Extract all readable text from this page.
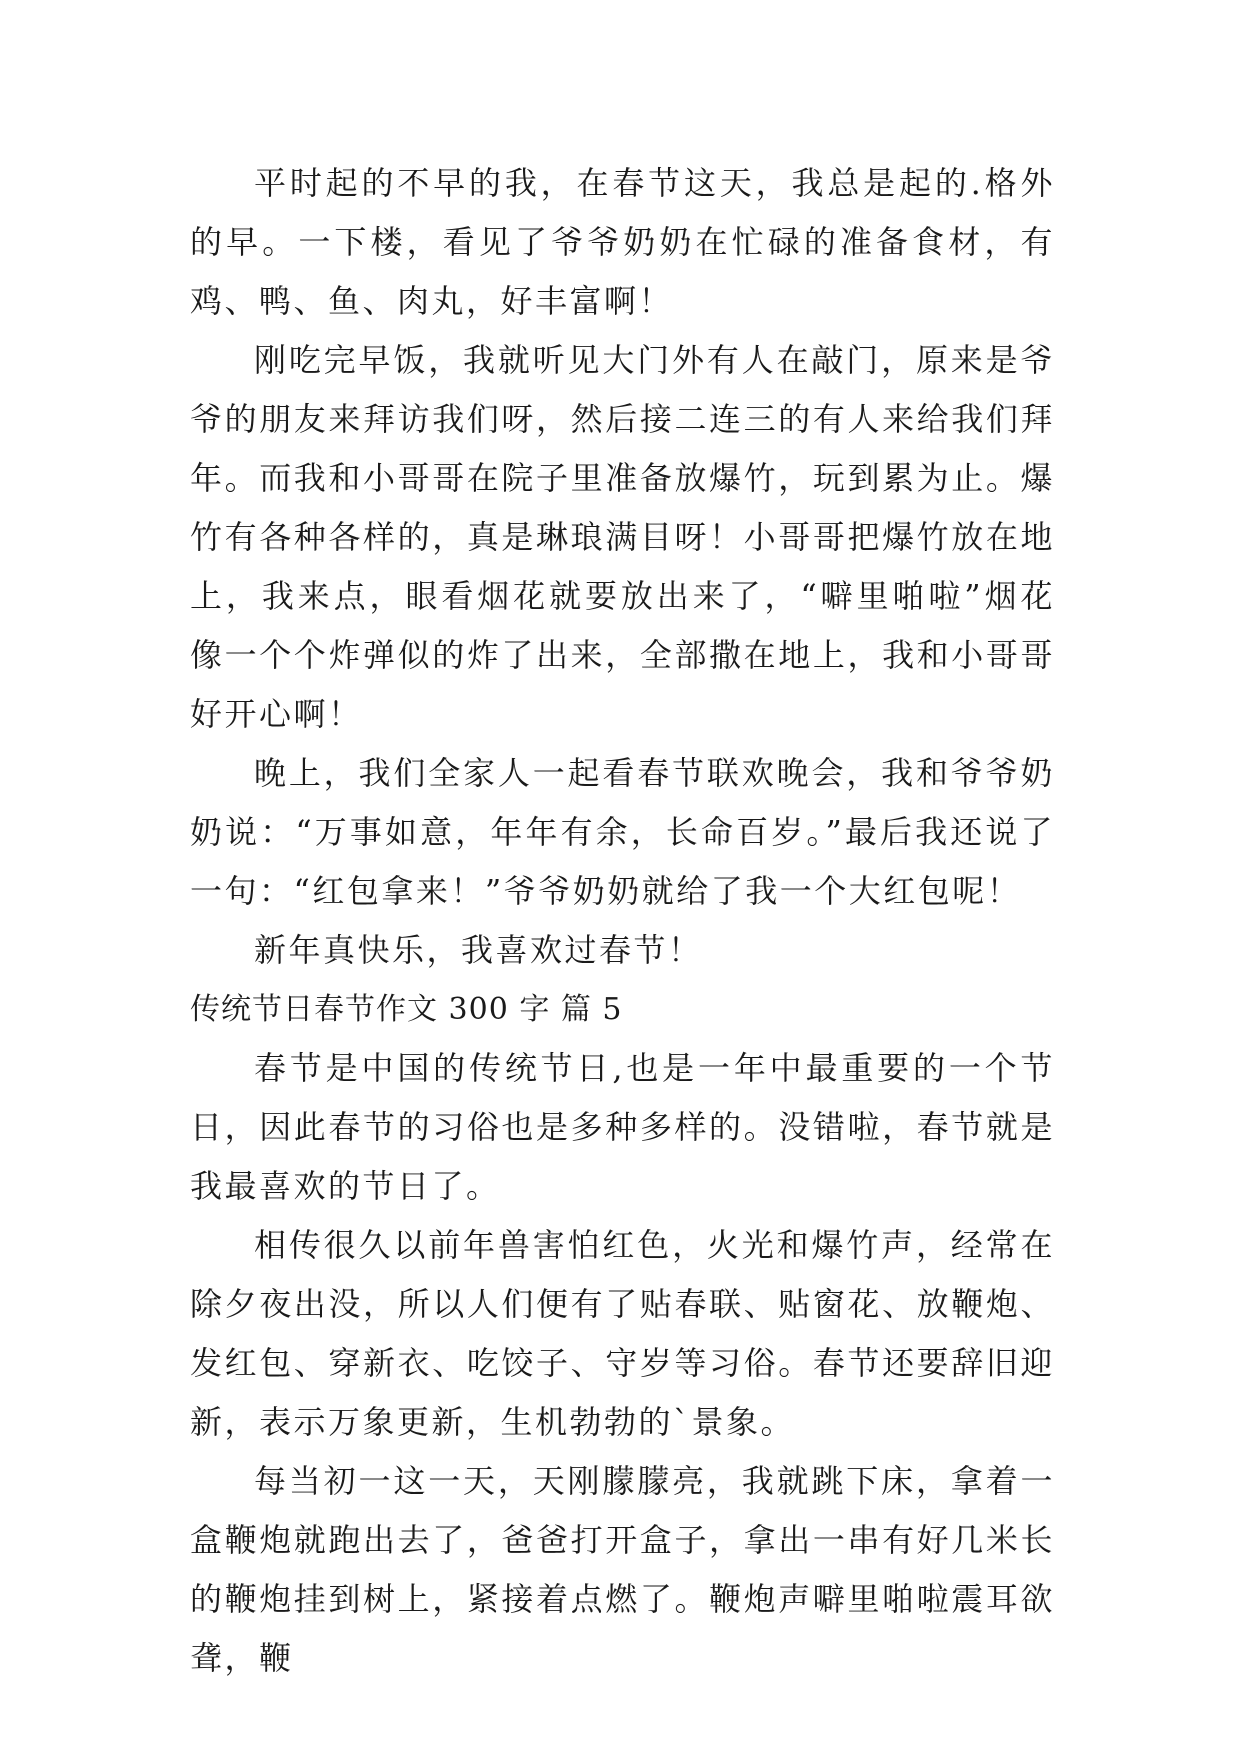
平时起的不早的我，在春节这天，我总是起的.格外的早。一下楼，看见了爷爷奶奶在忙碌的准备食材，有鸡、鸭、鱼、肉丸，好丰富啊！

刚吃完早饭，我就听见大门外有人在敲门，原来是爷爷的朋友来拜访我们呀，然后接二连三的有人来给我们拜年。而我和小哥哥在院子里准备放爆竹，玩到累为止。爆竹有各种各样的，真是琳琅满目呀！小哥哥把爆竹放在地上，我来点，眼看烟花就要放出来了，“噼里啪啦”烟花像一个个炸弹似的炸了出来，全部撒在地上，我和小哥哥好开心啊！

晚上，我们全家人一起看春节联欢晚会，我和爷爷奶奶说：“万事如意，年年有余，长命百岁。”最后我还说了一句：“红包拿来！”爷爷奶奶就给了我一个大红包呢！

新年真快乐，我喜欢过春节！

传统节日春节作文 300 字 篇 5

春节是中国的传统节日,也是一年中最重要的一个节日，因此春节的习俗也是多种多样的。没错啦，春节就是我最喜欢的节日了。

相传很久以前年兽害怕红色，火光和爆竹声，经常在除夕夜出没，所以人们便有了贴春联、贴窗花、放鞭炮、发红包、穿新衣、吃饺子、守岁等习俗。春节还要辞旧迎新，表示万象更新，生机勃勃的`景象。

每当初一这一天，天刚朦朦亮，我就跳下床，拿着一盒鞭炮就跑出去了，爸爸打开盒子，拿出一串有好几米长的鞭炮挂到树上，紧接着点燃了。鞭炮声噼里啪啦震耳欲聋，鞭
